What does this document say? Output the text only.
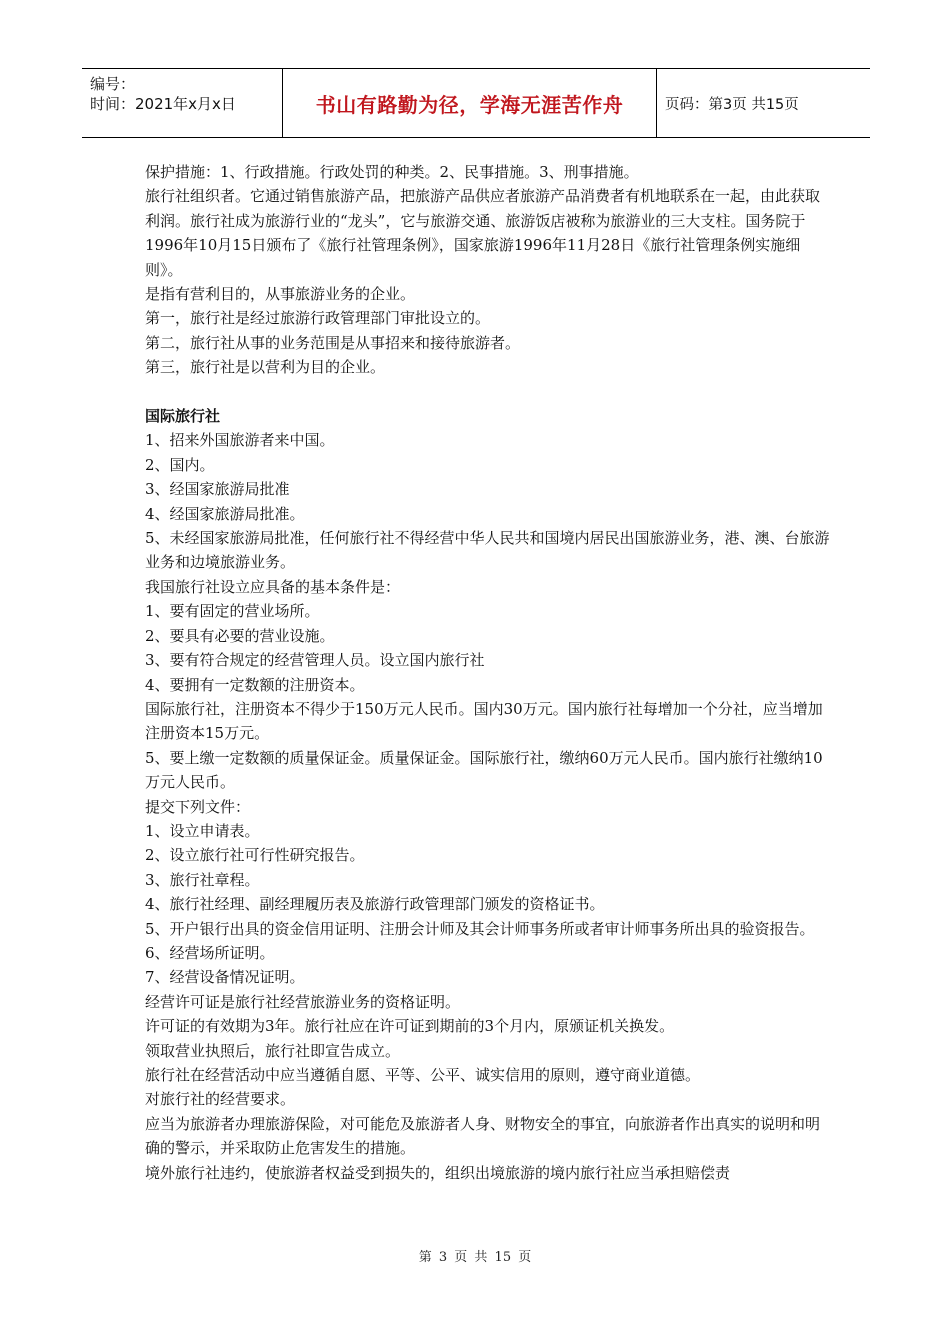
编号：
时间：2021年x月x日	书山有路勤为径，学海无涯苦作舟	页码：第3页 共15页

保护措施：1、行政措施。行政处罚的种类。2、民事措施。3、刑事措施。

旅行社组织者。它通过销售旅游产品，把旅游产品供应者旅游产品消费者有机地联系在一起，由此获取利润。旅行社成为旅游行业的“龙头”，它与旅游交通、旅游饭店被称为旅游业的三大支柱。国务院于1996年10月15日颁布了《旅行社管理条例》，国家旅游1996年11月28日《旅行社管理条例实施细则》。

是指有营利目的，从事旅游业务的企业。

第一，旅行社是经过旅游行政管理部门审批设立的。

第二，旅行社从事的业务范围是从事招来和接待旅游者。

第三，旅行社是以营利为目的企业。

国际旅行社

1、招来外国旅游者来中国。

2、国内。

3、经国家旅游局批准

4、经国家旅游局批准。

5、未经国家旅游局批准，任何旅行社不得经营中华人民共和国境内居民出国旅游业务，港、澳、台旅游业务和边境旅游业务。

我国旅行社设立应具备的基本条件是：

1、要有固定的营业场所。

2、要具有必要的营业设施。

3、要有符合规定的经营管理人员。设立国内旅行社

4、要拥有一定数额的注册资本。

国际旅行社，注册资本不得少于150万元人民币。国内30万元。国内旅行社每增加一个分社，应当增加注册资本15万元。

5、要上缴一定数额的质量保证金。质量保证金。国际旅行社，缴纳60万元人民币。国内旅行社缴纳10万元人民币。

提交下列文件：

1、设立申请表。

2、设立旅行社可行性研究报告。

3、旅行社章程。

4、旅行社经理、副经理履历表及旅游行政管理部门颁发的资格证书。

5、开户银行出具的资金信用证明、注册会计师及其会计师事务所或者审计师事务所出具的验资报告。

6、经营场所证明。

7、经营设备情况证明。

经营许可证是旅行社经营旅游业务的资格证明。

许可证的有效期为3年。旅行社应在许可证到期前的3个月内，原颁证机关换发。

领取营业执照后，旅行社即宣告成立。

旅行社在经营活动中应当遵循自愿、平等、公平、诚实信用的原则，遵守商业道德。

对旅行社的经营要求。

应当为旅游者办理旅游保险，对可能危及旅游者人身、财物安全的事宜，向旅游者作出真实的说明和明确的警示，并采取防止危害发生的措施。

境外旅行社违约，使旅游者权益受到损失的，组织出境旅游的境内旅行社应当承担赔偿责

第 3 页 共 15 页
